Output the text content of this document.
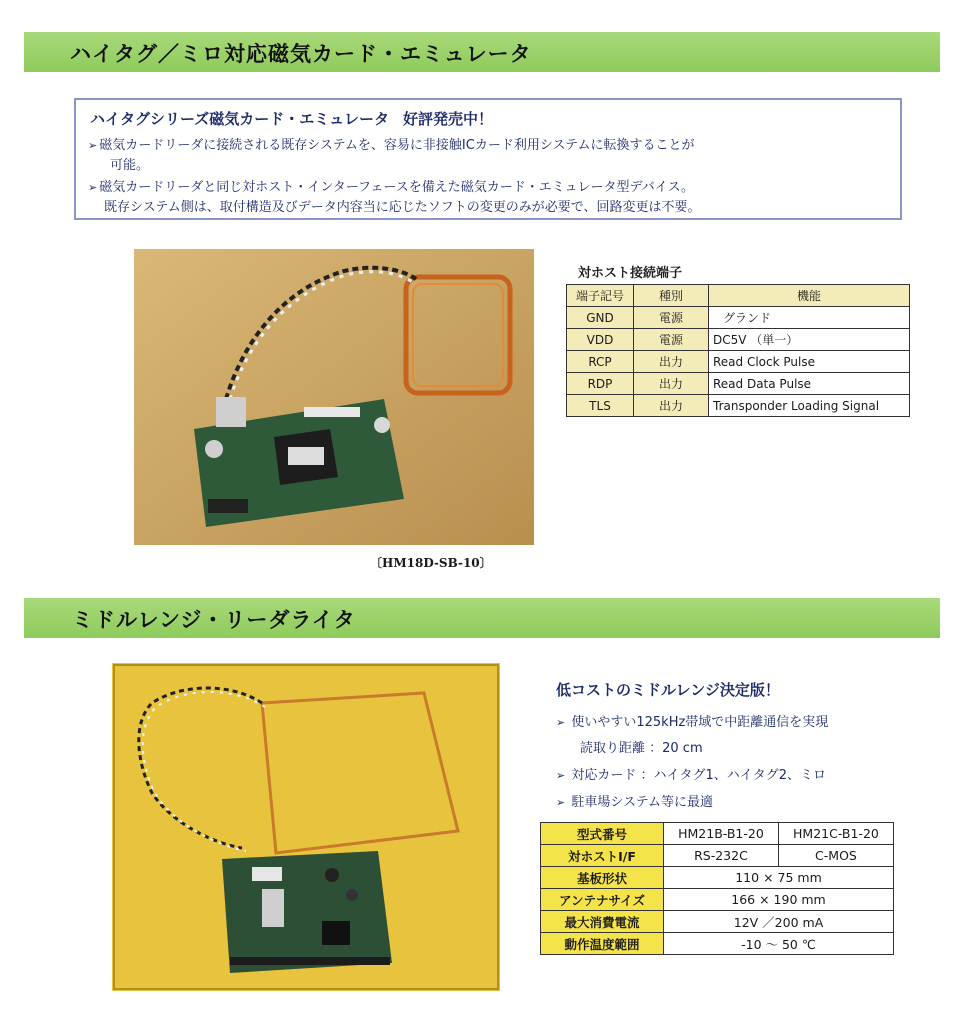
ハイタグ／ミロ対応磁気カード・エミュレータ
ハイタグシリーズ磁気カード・エミュレータ 好評発売中！
➢ 磁気カードリーダに接続される既存システムを、容易に非接触ICカード利用システムに転換することが
可能。
➢ 磁気カードリーダと同じ対ホスト・インターフェースを備えた磁気カード・エミュレータ型デバイス。
既存システム側は、取付構造及びデータ内容当に応じたソフトの変更のみが必要で、回路変更は不要。
〔HM18D-SB-10〕
対ホスト接続端子
端子記号	種別	機能
GND	電源	グランド
VDD	電源	DC5V （単一）
RCP	出力	Read Clock Pulse
RDP	出力	Read Data Pulse
TLS	出力	Transponder Loading Signal
ミドルレンジ・リーダライタ
低コストのミドルレンジ決定版！
➢ 使いやすい125kHz帯域で中距離通信を実現
読取り距離 ：20 cm
➢ 対応カード ：ハイタグ1、ハイタグ2、ミロ
➢ 駐車場システム等に最適
型式番号	HM21B-B1-20	HM21C-B1-20
対ホストI/F	RS-232C	C-MOS
基板形状	110 × 75 mm	
アンテナサイズ	166 × 190 mm	
最大消費電流	12V ／200 mA	
動作温度範囲	-10 ～ 50 ℃	
